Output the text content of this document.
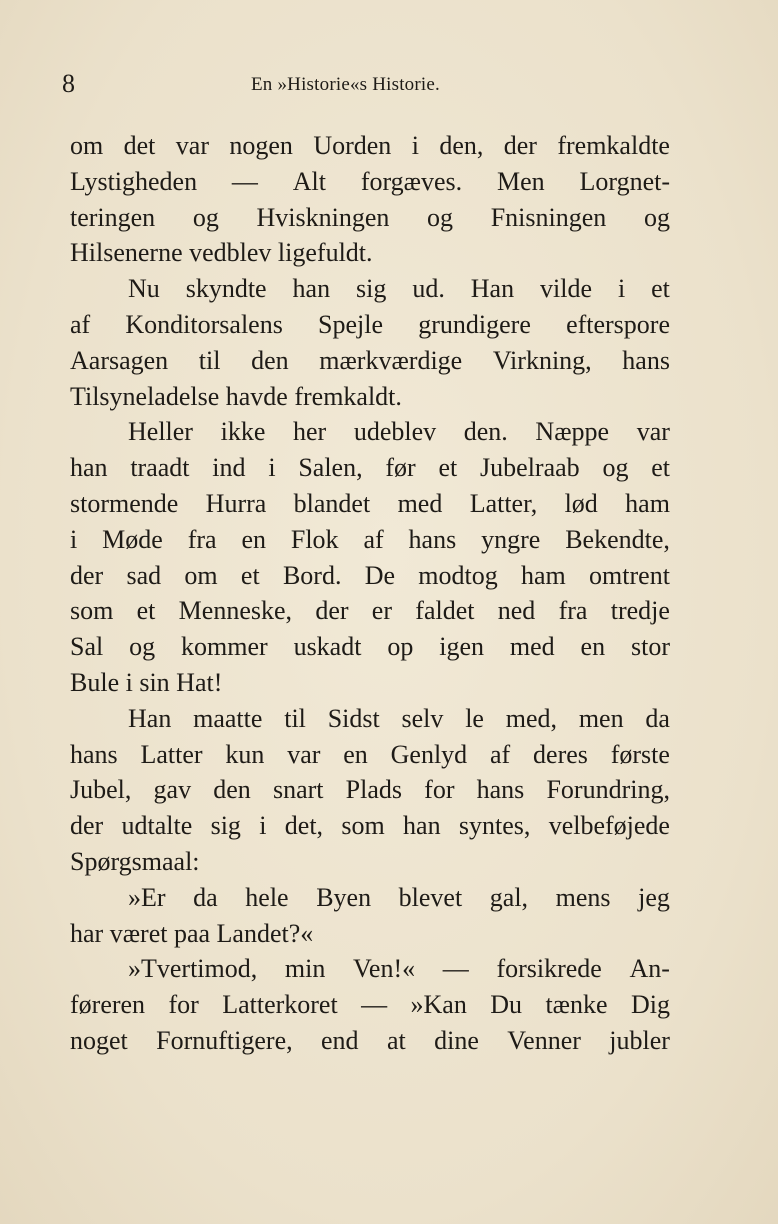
8	En »Historie«s Historie.
om det var nogen Uorden i den, der fremkaldte
Lystigheden — Alt forgæves. Men Lorgnet-
teringen og Hviskningen og Fnisningen og
Hilsenerne vedblev ligefuldt.
Nu skyndte han sig ud. Han vilde i et
af Konditorsalens Spejle grundigere efterspore
Aarsagen til den mærkværdige Virkning, hans
Tilsyneladelse havde fremkaldt.
Heller ikke her udeblev den. Næppe var
han traadt ind i Salen, før et Jubelraab og et
stormende Hurra blandet med Latter, lød ham
i Møde fra en Flok af hans yngre Bekendte,
der sad om et Bord. De modtog ham omtrent
som et Menneske, der er faldet ned fra tredje
Sal og kommer uskadt op igen med en stor
Bule i sin Hat!
Han maatte til Sidst selv le med, men da
hans Latter kun var en Genlyd af deres første
Jubel, gav den snart Plads for hans Forundring,
der udtalte sig i det, som han syntes, velbeføjede
Spørgsmaal:
»Er da hele Byen blevet gal, mens jeg
har været paa Landet?«
»Tvertimod, min Ven!« — forsikrede An-
føreren for Latterkoret — »Kan Du tænke Dig
noget Fornuftigere, end at dine Venner jubler
